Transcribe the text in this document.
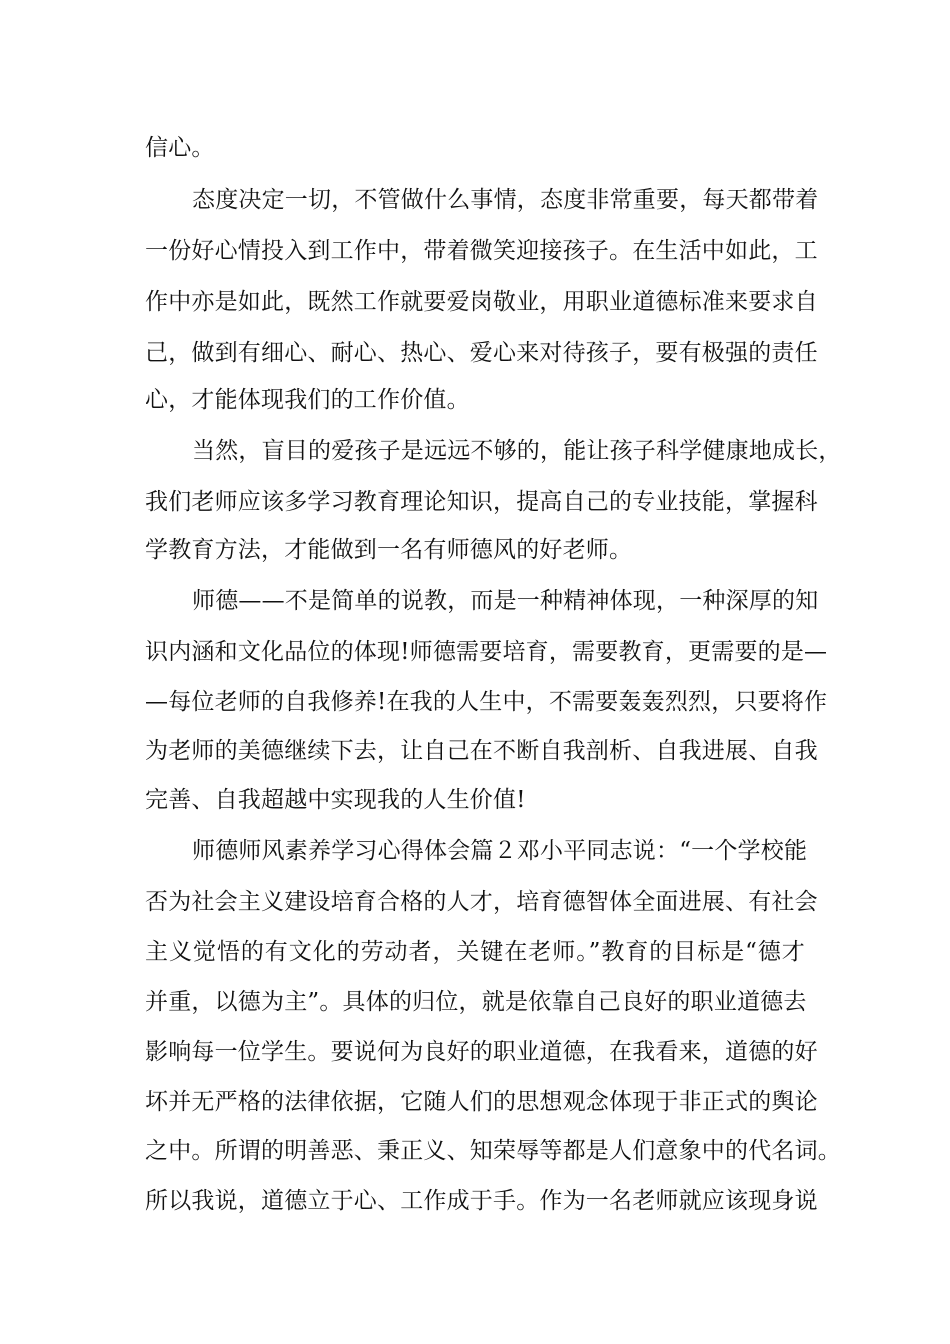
信心。
态度决定一切，不管做什么事情，态度非常重要，每天都带着
一份好心情投入到工作中，带着微笑迎接孩子。在生活中如此，工
作中亦是如此，既然工作就要爱岗敬业，用职业道德标准来要求自
己，做到有细心、耐心、热心、爱心来对待孩子，要有极强的责任
心，才能体现我们的工作价值。
当然，盲目的爱孩子是远远不够的，能让孩子科学健康地成长，
我们老师应该多学习教育理论知识，提高自己的专业技能，掌握科
学教育方法，才能做到一名有师德风的好老师。
师德——不是简单的说教，而是一种精神体现，一种深厚的知
识内涵和文化品位的体现!师德需要培育，需要教育，更需要的是—
—每位老师的自我修养!在我的人生中，不需要轰轰烈烈，只要将作
为老师的美德继续下去，让自己在不断自我剖析、自我进展、自我
完善、自我超越中实现我的人生价值!
师德师风素养学习心得体会篇２邓小平同志说：“一个学校能
否为社会主义建设培育合格的人才，培育德智体全面进展、有社会
主义觉悟的有文化的劳动者，关键在老师。”教育的目标是“德才
并重，以德为主”。具体的归位，就是依靠自己良好的职业道德去
影响每一位学生。要说何为良好的职业道德，在我看来，道德的好
坏并无严格的法律依据，它随人们的思想观念体现于非正式的舆论
之中。所谓的明善恶、秉正义、知荣辱等都是人们意象中的代名词。
所以我说，道德立于心、工作成于手。作为一名老师就应该现身说
